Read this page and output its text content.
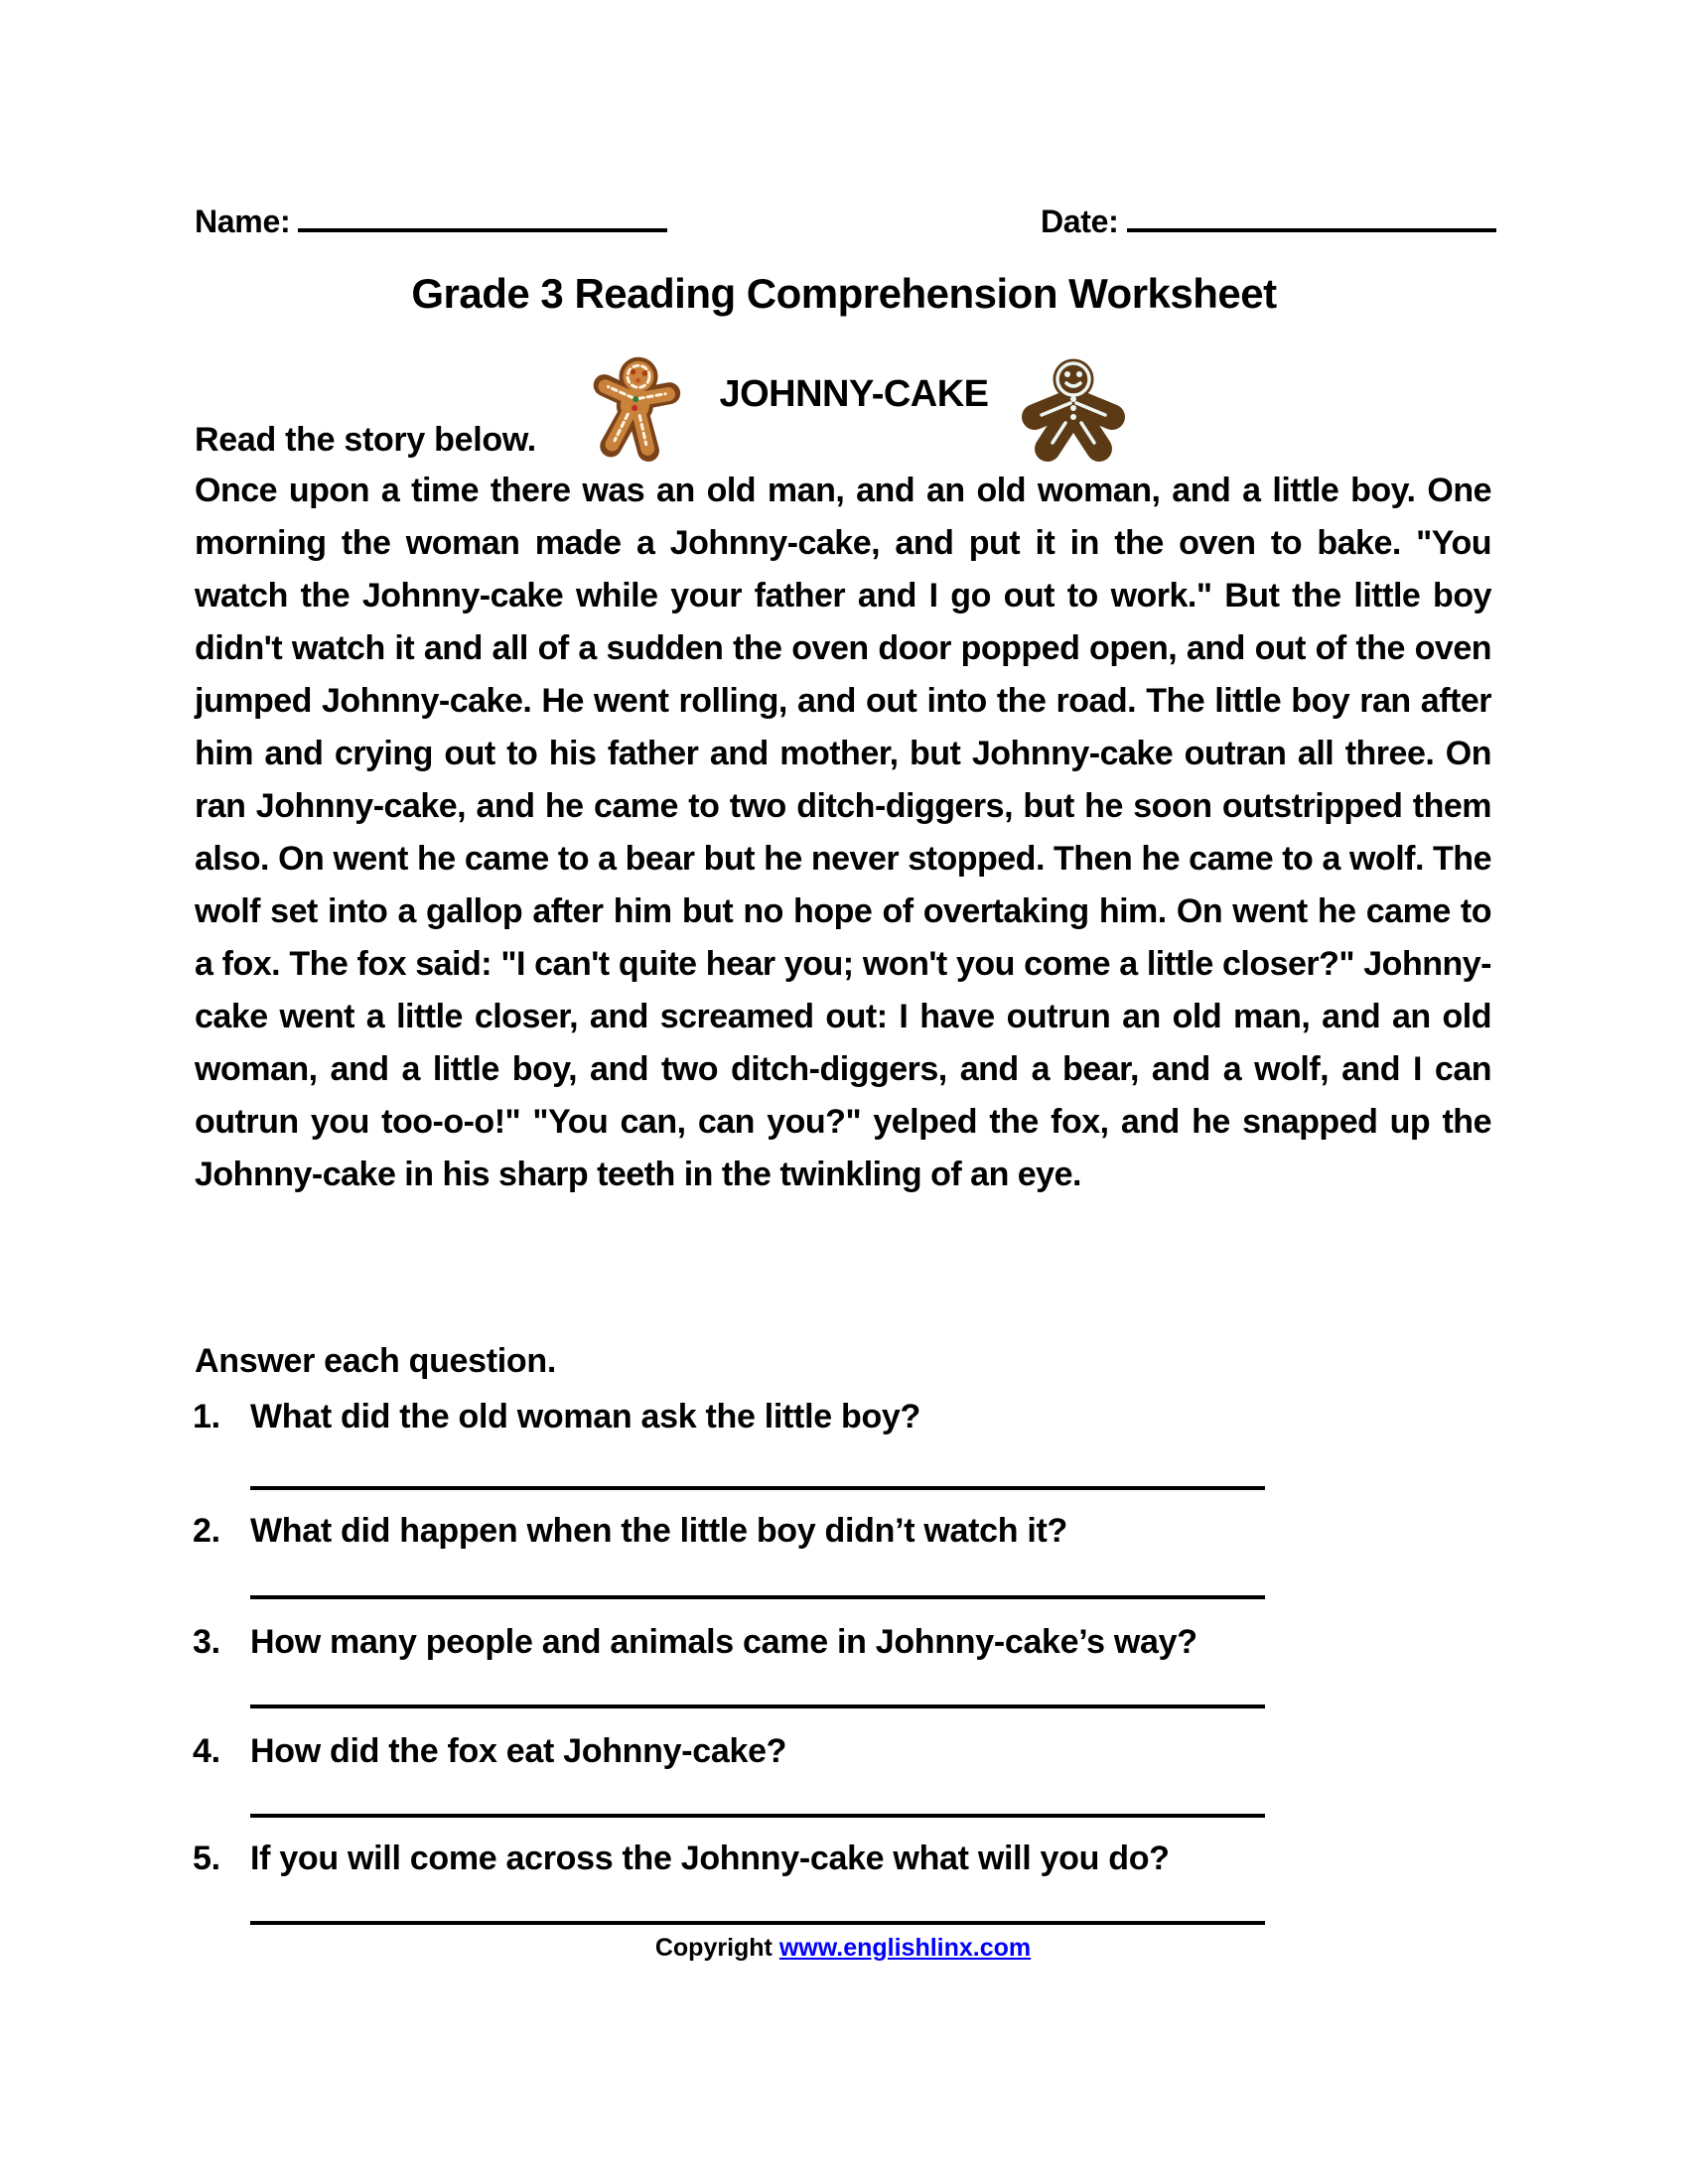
Name:	Date:
Grade 3 Reading Comprehension Worksheet
JOHNNY-CAKE
Read the story below.
Once upon a time there was an old man, and an old woman, and a little boy. One morning the woman made a Johnny-cake, and put it in the oven to bake. "You watch the Johnny-cake while your father and I go out to work." But the little boy didn't watch it and all of a sudden the oven door popped open, and out of the oven jumped Johnny-cake. He went rolling, and out into the road. The little boy ran after him and crying out to his father and mother, but Johnny-cake outran all three. On ran Johnny-cake, and he came to two ditch-diggers, but he soon outstripped them also. On went he came to a bear but he never stopped. Then he came to a wolf. The wolf set into a gallop after him but no hope of overtaking him. On went he came to a fox. The fox said: "I can't quite hear you; won't you come a little closer?" Johnny-cake went a little closer, and screamed out: I have outrun an old man, and an old woman, and a little boy, and two ditch-diggers, and a bear, and a wolf, and I can outrun you too-o-o!" "You can, can you?" yelped the fox, and he snapped up the Johnny-cake in his sharp teeth in the twinkling of an eye.
Answer each question.
1. What did the old woman ask the little boy?
2. What did happen when the little boy didn’t watch it?
3. How many people and animals came in Johnny-cake’s way?
4. How did the fox eat Johnny-cake?
5. If you will come across the Johnny-cake what will you do?
Copyright www.englishlinx.com
